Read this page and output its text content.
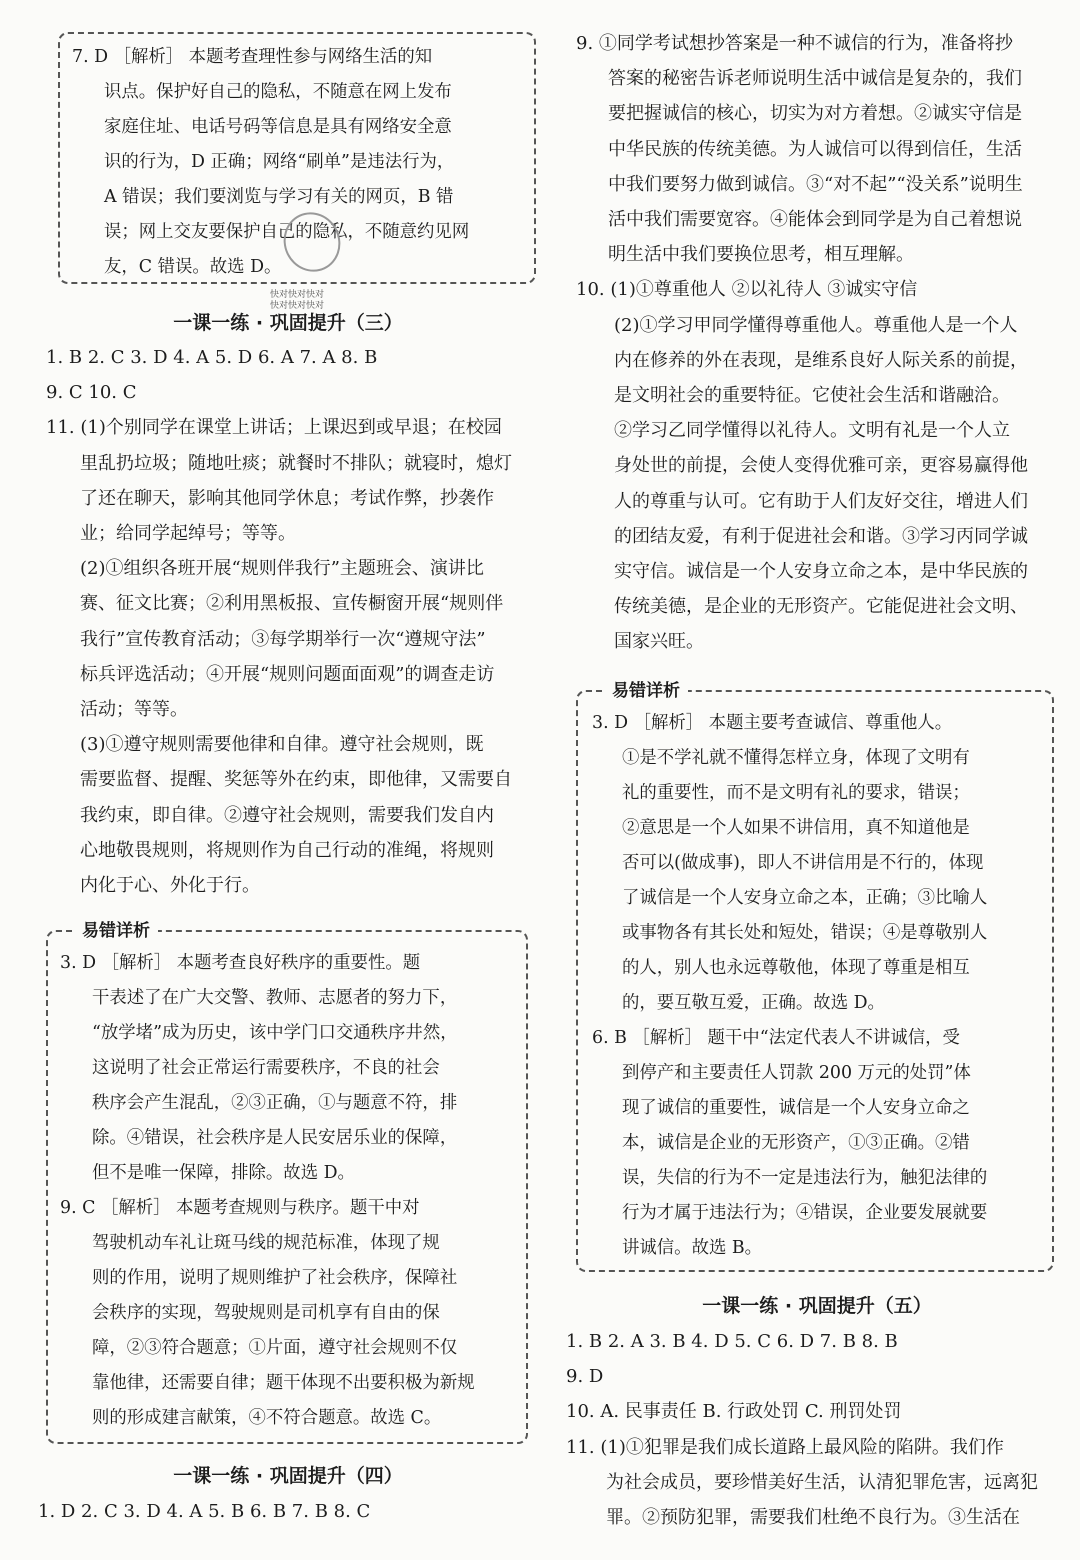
7. D ［解析］ 本题考查理性参与网络生活的知

识点。保护好自己的隐私，不随意在网上发布

家庭住址、电话号码等信息是具有网络安全意

识的行为，D 正确；网络“刷单”是违法行为，

A 错误；我们要浏览与学习有关的网页，B 错

误；网上交友要保护自己的隐私，不随意约见网

友，C 错误。故选 D。

快对快对快对
快对快对快对

一课一练 · 巩固提升（三）

1. B 2. C 3. D 4. A 5. D 6. A 7. A 8. B

9. C 10. C

11. (1)个别同学在课堂上讲话；上课迟到或早退；在校园

里乱扔垃圾；随地吐痰；就餐时不排队；就寝时，熄灯

了还在聊天，影响其他同学休息；考试作弊，抄袭作

业；给同学起绰号；等等。

(2)①组织各班开展“规则伴我行”主题班会、演讲比

赛、征文比赛；②利用黑板报、宣传橱窗开展“规则伴

我行”宣传教育活动；③每学期举行一次“遵规守法”

标兵评选活动；④开展“规则问题面面观”的调查走访

活动；等等。

(3)①遵守规则需要他律和自律。遵守社会规则，既

需要监督、提醒、奖惩等外在约束，即他律，又需要自

我约束，即自律。②遵守社会规则，需要我们发自内

心地敬畏规则，将规则作为自己行动的准绳，将规则

内化于心、外化于行。

易错详析

3. D ［解析］ 本题考查良好秩序的重要性。题

干表述了在广大交警、教师、志愿者的努力下，

“放学堵”成为历史，该中学门口交通秩序井然，

这说明了社会正常运行需要秩序，不良的社会

秩序会产生混乱，②③正确，①与题意不符，排

除。④错误，社会秩序是人民安居乐业的保障，

但不是唯一保障，排除。故选 D。

9. C ［解析］ 本题考查规则与秩序。题干中对

驾驶机动车礼让斑马线的规范标准，体现了规

则的作用，说明了规则维护了社会秩序，保障社

会秩序的实现，驾驶规则是司机享有自由的保

障，②③符合题意；①片面，遵守社会规则不仅

靠他律，还需要自律；题干体现不出要积极为新规

则的形成建言献策，④不符合题意。故选 C。

一课一练 · 巩固提升（四）

1. D 2. C 3. D 4. A 5. B 6. B 7. B 8. C

9. ①同学考试想抄答案是一种不诚信的行为，准备将抄

答案的秘密告诉老师说明生活中诚信是复杂的，我们

要把握诚信的核心，切实为对方着想。②诚实守信是

中华民族的传统美德。为人诚信可以得到信任，生活

中我们要努力做到诚信。③“对不起”“没关系”说明生

活中我们需要宽容。④能体会到同学是为自己着想说

明生活中我们要换位思考，相互理解。

10. (1)①尊重他人 ②以礼待人 ③诚实守信

(2)①学习甲同学懂得尊重他人。尊重他人是一个人

内在修养的外在表现，是维系良好人际关系的前提，

是文明社会的重要特征。它使社会生活和谐融洽。

②学习乙同学懂得以礼待人。文明有礼是一个人立

身处世的前提，会使人变得优雅可亲，更容易赢得他

人的尊重与认可。它有助于人们友好交往，增进人们

的团结友爱，有利于促进社会和谐。③学习丙同学诚

实守信。诚信是一个人安身立命之本，是中华民族的

传统美德，是企业的无形资产。它能促进社会文明、

国家兴旺。

易错详析

3. D ［解析］ 本题主要考查诚信、尊重他人。

①是不学礼就不懂得怎样立身，体现了文明有

礼的重要性，而不是文明有礼的要求，错误；

②意思是一个人如果不讲信用，真不知道他是

否可以(做成事)，即人不讲信用是不行的，体现

了诚信是一个人安身立命之本，正确；③比喻人

或事物各有其长处和短处，错误；④是尊敬别人

的人，别人也永远尊敬他，体现了尊重是相互

的，要互敬互爱，正确。故选 D。

6. B ［解析］ 题干中“法定代表人不讲诚信，受

到停产和主要责任人罚款 200 万元的处罚”体

现了诚信的重要性，诚信是一个人安身立命之

本，诚信是企业的无形资产，①③正确。②错

误，失信的行为不一定是违法行为，触犯法律的

行为才属于违法行为；④错误，企业要发展就要

讲诚信。故选 B。

一课一练 · 巩固提升（五）

1. B 2. A 3. B 4. D 5. C 6. D 7. B 8. B

9. D

10. A. 民事责任 B. 行政处罚 C. 刑罚处罚

11. (1)①犯罪是我们成长道路上最风险的陷阱。我们作

为社会成员，要珍惜美好生活，认清犯罪危害，远离犯

罪。②预防犯罪，需要我们杜绝不良行为。③生活在
